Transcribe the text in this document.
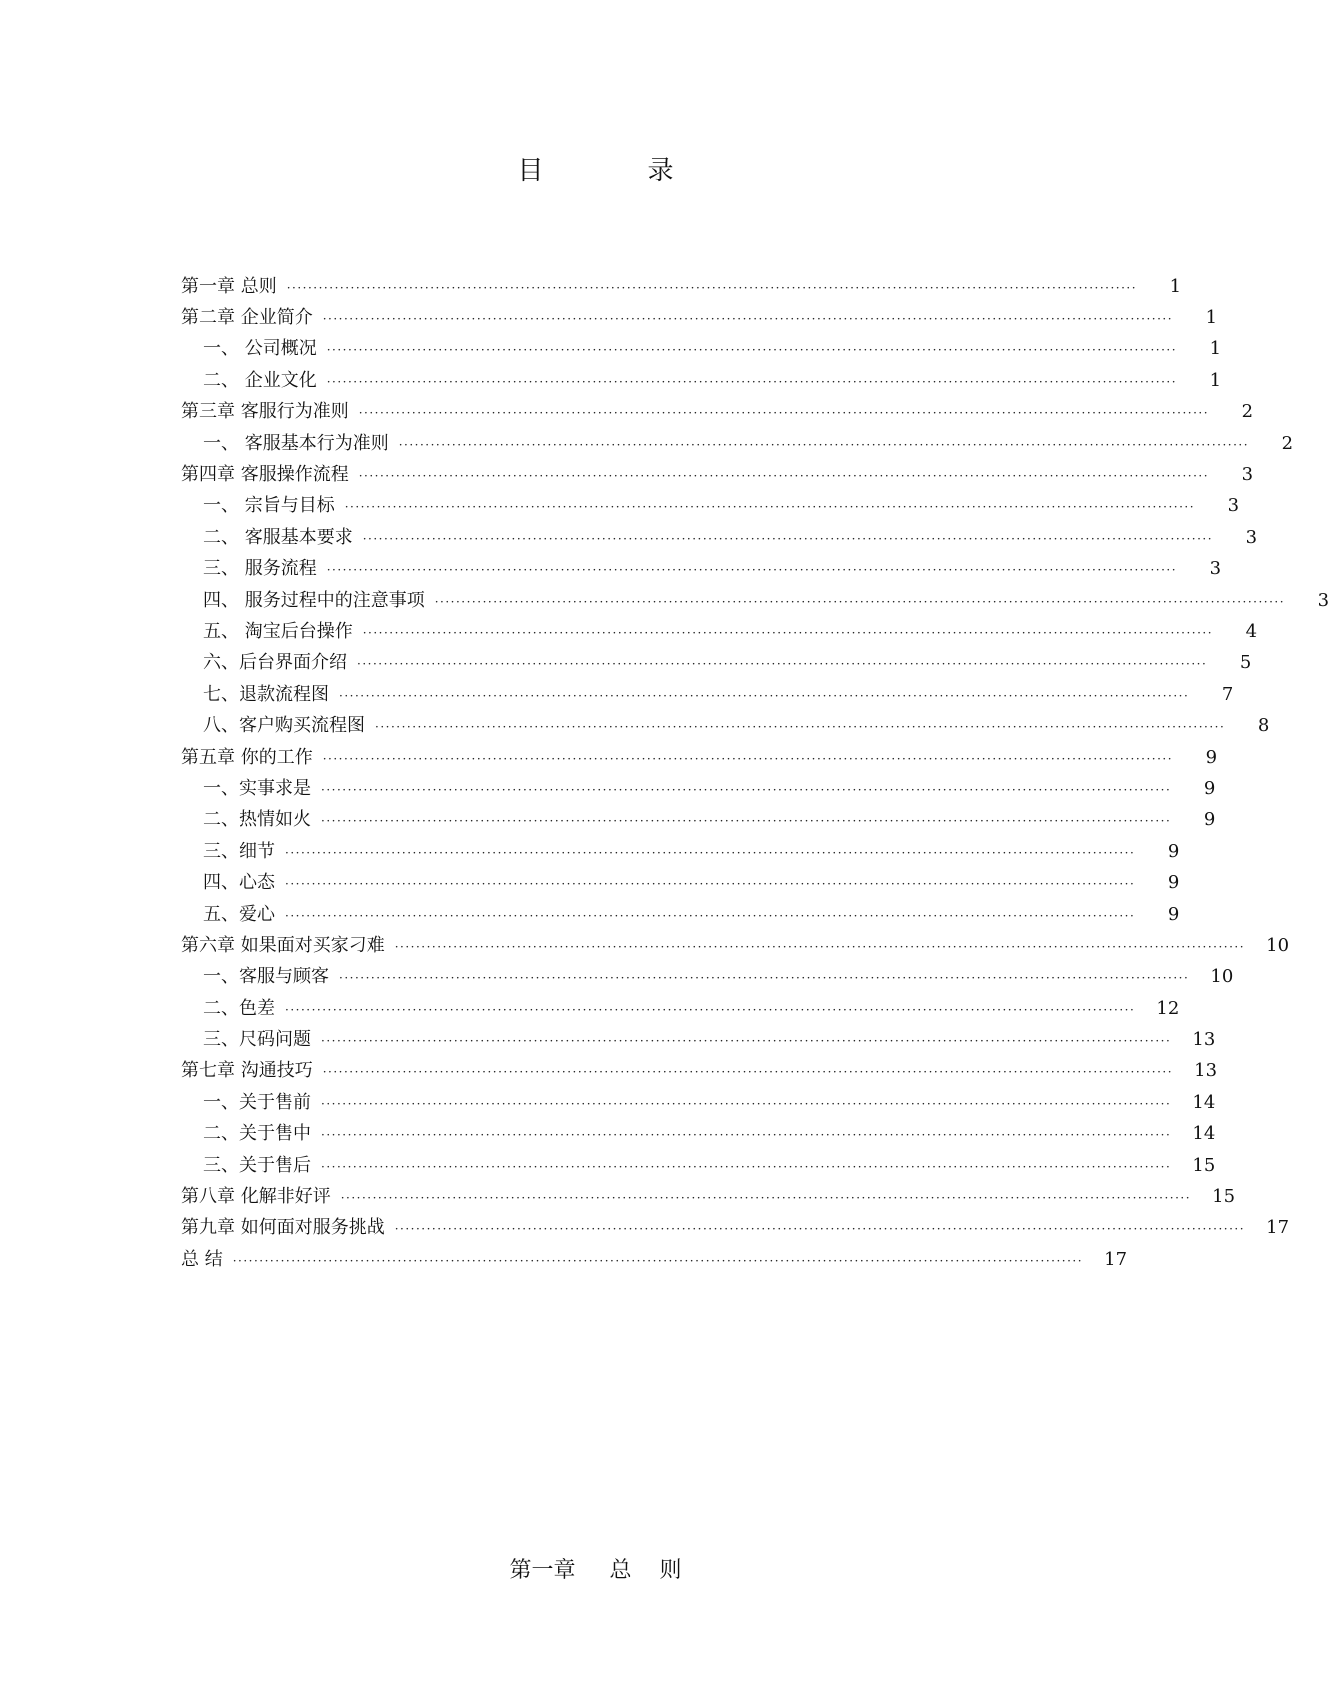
目	录
第一章 总则 ································································································································································	1
第二章 企业简介 ································································································································································	1
一、 公司概况 ································································································································································	1
二、 企业文化 ································································································································································	1
第三章 客服行为准则 ································································································································································	2
一、 客服基本行为准则 ································································································································································	2
第四章 客服操作流程 ································································································································································	3
一、 宗旨与目标 ································································································································································	3
二、 客服基本要求 ································································································································································	3
三、 服务流程 ································································································································································	3
四、 服务过程中的注意事项 ································································································································································	3
五、 淘宝后台操作 ································································································································································	4
六、后台界面介绍 ································································································································································	5
七、退款流程图 ································································································································································	7
八、客户购买流程图 ································································································································································	8
第五章 你的工作 ································································································································································	9
一、实事求是 ································································································································································	9
二、热情如火 ································································································································································	9
三、细节 ································································································································································	9
四、心态 ································································································································································	9
五、爱心 ································································································································································	9
第六章 如果面对买家刁难 ································································································································································	10
一、客服与顾客 ································································································································································	10
二、色差 ································································································································································	12
三、尺码问题 ································································································································································	13
第七章 沟通技巧 ································································································································································	13
一、关于售前 ································································································································································	14
二、关于售中 ································································································································································	14
三、关于售后 ································································································································································	15
第八章 化解非好评 ································································································································································	15
第九章 如何面对服务挑战 ································································································································································	17
总 结 ································································································································································	17
第一章 总 则
